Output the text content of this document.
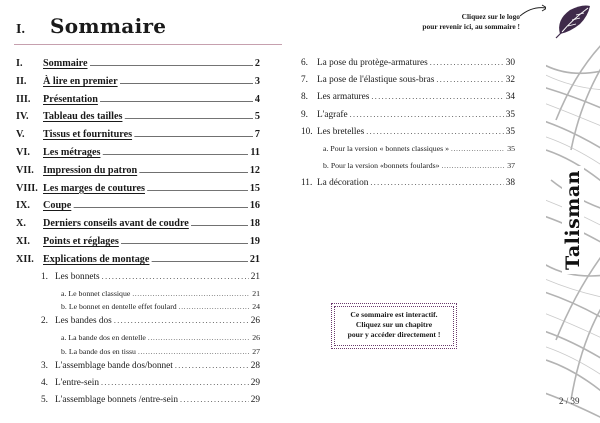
I.	Sommaire	Cliquez sur le logo
pour revenir ici, au sommaire !
I.	Sommaire .....	2
II.	À lire en premier .....	3
III.	Présentation .....	4
IV.	Tableau des tailles .....	5
V.	Tissus et fournitures .....	7
VI.	Les métrages .....	11
VII. Impression du patron .....	12
VIII. Les marges de coutures .....	15
IX.	Coupe .....	16
X.	Derniers conseils avant de coudre .....	18
XI.	Points et réglages .....	19
XII. Explications de montage .....	21
1. Les bonnets .....	21
a.
Le bonnet classique .....	21
b.
Le bonnet en dentelle effet foulard .....	24
2. Les bandes dos .....	26
a.
La bande dos en dentelle .....	26
b.
La bande dos en tissu .....	27
3. L'assemblage bande dos/bonnet .....	28
4. L'entre-sein .....	29
5. L'assemblage bonnets /entre-sein .....	29
6. La pose du protège-armatures .....	30
7. La pose de l'élastique sous-bras .....	32
8. Les armatures .....	34
9. L'agrafe .....	35
10. Les bretelles .....	35
a.
Pour la version « bonnets classiques » .....	35
b.
Pour la version «bonnets foulards» .....	37
11. La décoration .....	38
Ce sommaire est interactif.
Cliquez sur un chapitre
pour y accéder directement !
Talisman
2 / 39
